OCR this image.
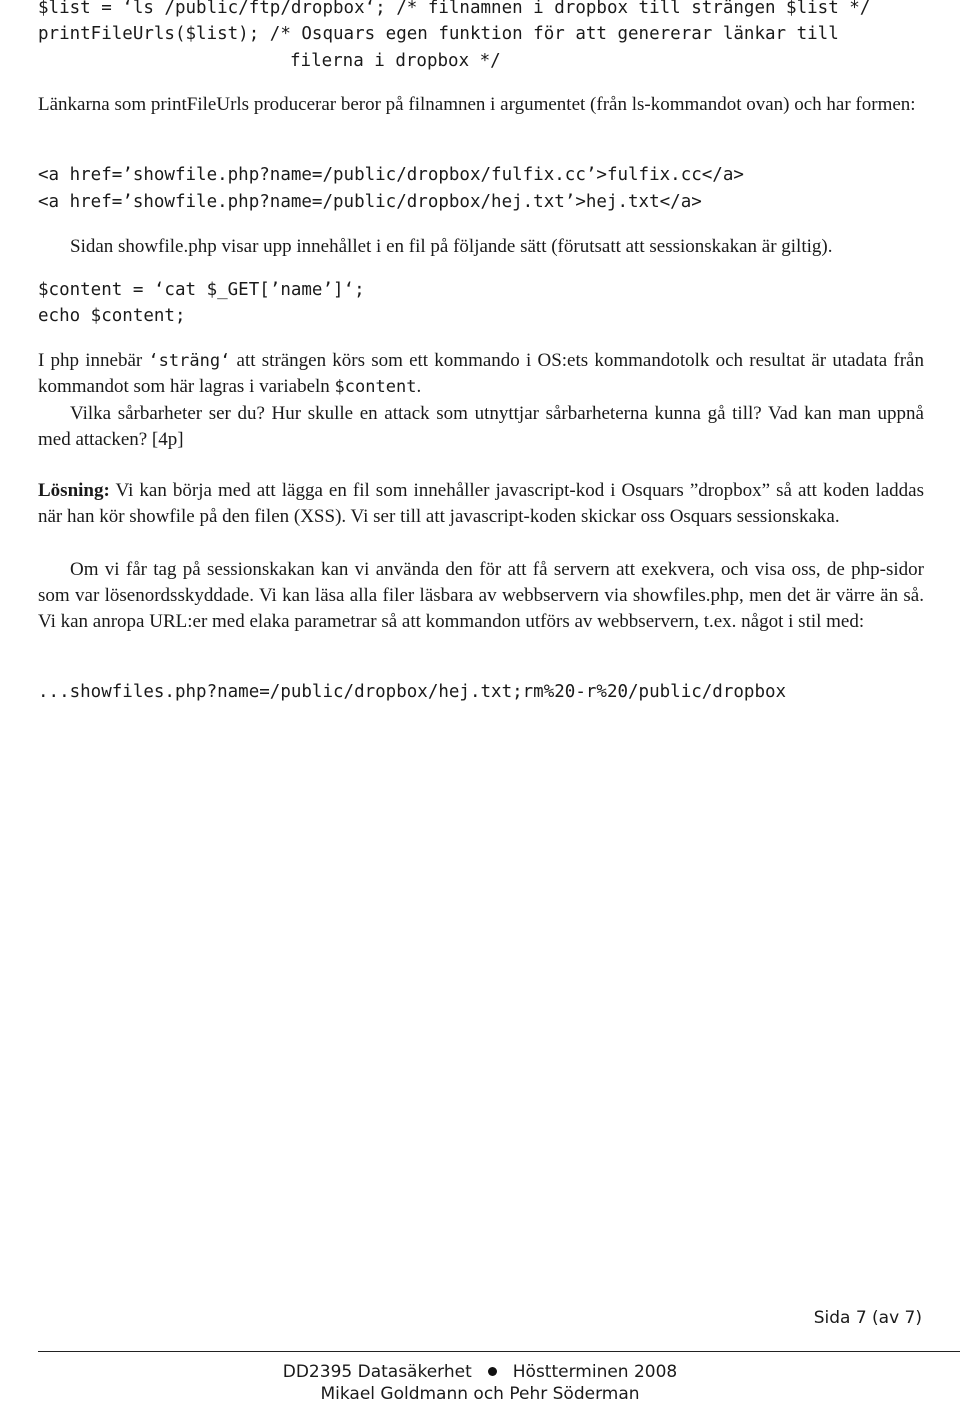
$list = ‘ls /public/ftp/dropbox‘; /* filnamnen i dropbox till strängen $list */
printFileUrls($list); /* Osquars egen funktion för att genererar länkar till
filerna i dropbox */
Länkarna som printFileUrls producerar beror på filnamnen i argumentet (från ls-kommandot ovan) och har formen:
<a href=’showfile.php?name=/public/dropbox/fulfix.cc’>fulfix.cc</a>
<a href=’showfile.php?name=/public/dropbox/hej.txt’>hej.txt</a>
Sidan showfile.php visar upp innehållet i en fil på följande sätt (förutsatt att sessionskakan är giltig).
$content = ‘cat $_GET[’name’]‘;
echo $content;
I php innebär ‘sträng‘ att strängen körs som ett kommando i OS:ets kommandotolk och resultat är utadata från kommandot som här lagras i variabeln $content.
Vilka sårbarheter ser du? Hur skulle en attack som utnyttjar sårbarheterna kunna gå till? Vad kan man uppnå med attacken? [4p]
Lösning: Vi kan börja med att lägga en fil som innehåller javascript-kod i Osquars ”dropbox” så att koden laddas när han kör showfile på den filen (XSS). Vi ser till att javascript-koden skickar oss Osquars sessionskaka.
Om vi får tag på sessionskakan kan vi använda den för att få servern att exekvera, och visa oss, de php-sidor som var lösenordsskyddade. Vi kan läsa alla filer läsbara av webbservern via showfiles.php, men det är värre än så. Vi kan anropa URL:er med elaka parametrar så att kommandon utförs av webbservern, t.ex. något i stil med:
...showfiles.php?name=/public/dropbox/hej.txt;rm%20-r%20/public/dropbox
Sida 7 (av 7)
DD2395 Datasäkerhet Höstterminen 2008
Mikael Goldmann och Pehr Söderman
